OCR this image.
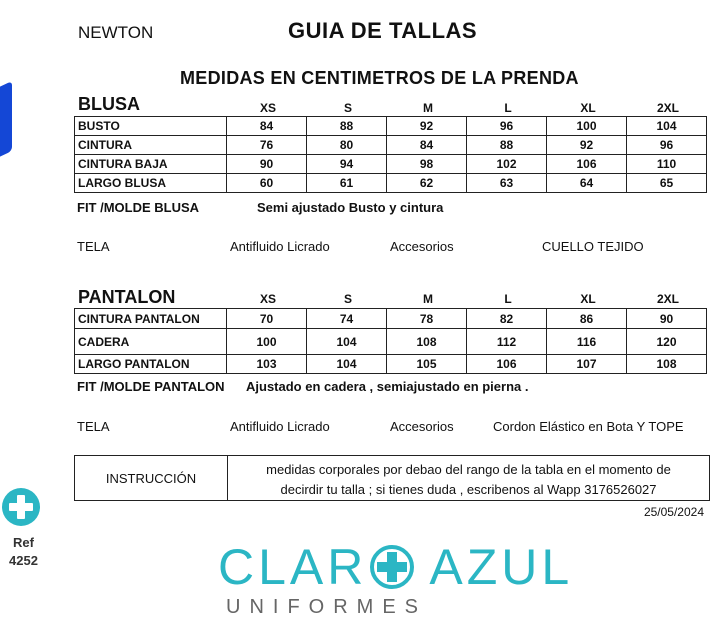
NEWTON	GUIA DE TALLAS
MEDIDAS EN CENTIMETROS DE LA PRENDA
BLUSA	XS	S	M	L	XL	2XL
BUSTO	84	88	92	96	100	104
CINTURA	76	80	84	88	92	96
CINTURA BAJA	90	94	98	102	106	110
LARGO BLUSA	60	61	62	63	64	65
FIT /MOLDE BLUSA	Semi ajustado Busto y cintura
TELA	Antifluido Licrado	Accesorios	CUELLO TEJIDO
PANTALON	XS	S	M	L	XL	2XL
CINTURA PANTALON	70	74	78	82	86	90
CADERA	100	104	108	112	116	120
LARGO PANTALON	103	104	105	106	107	108
FIT /MOLDE PANTALON Ajustado en cadera , semiajustado en pierna .
TELA	Antifluido Licrado	Accesorios	Cordon Elástico en Bota Y TOPE
INSTRUCCIÓN
medidas corporales por debao del rango de la tabla en el momento de
decirdir tu talla ; si tienes duda , escribenos al Wapp 3176526027
25/05/2024
Ref
4252	CLAR AZUL
UNIFORMES
